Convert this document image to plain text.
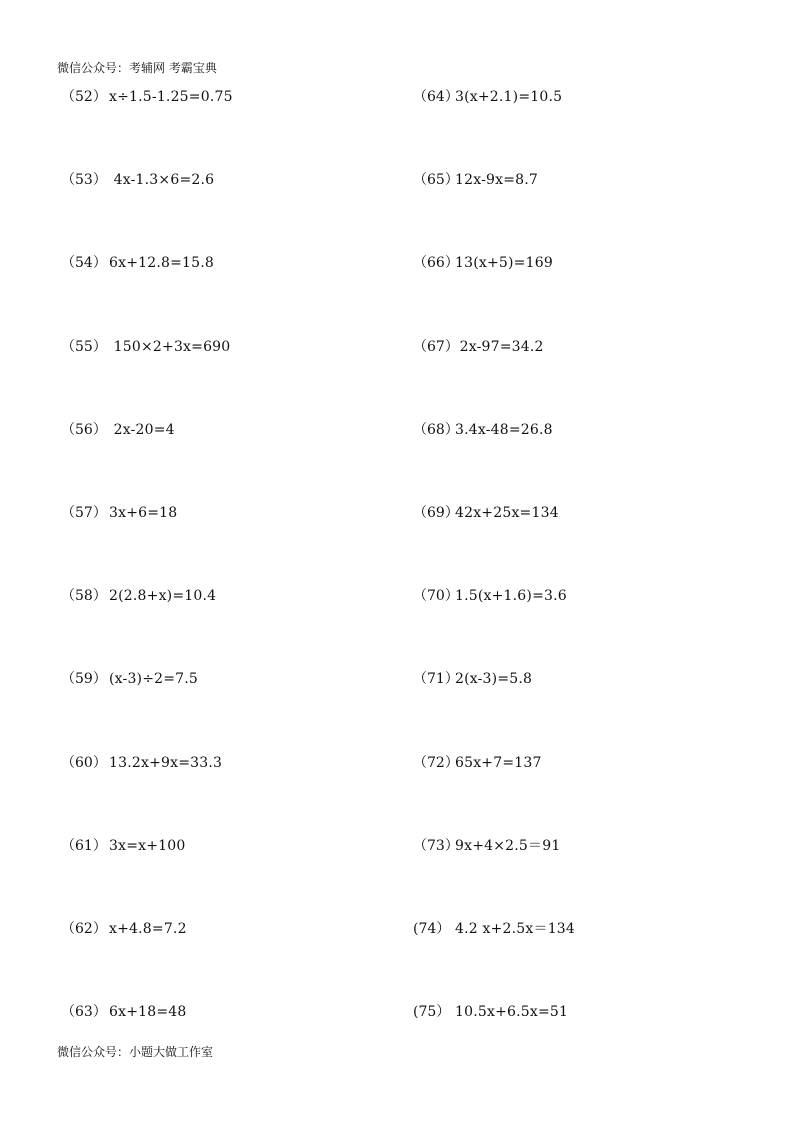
微信公众号：考辅网 考霸宝典
（52） x÷1.5-1.25=0.75
（53） 4x-1.3×6=2.6
（54） 6x+12.8=15.8
（55） 150×2+3x=690
（56） 2x-20=4
（57） 3x+6=18
（58） 2(2.8+x)=10.4
（59） (x-3)÷2=7.5
（60） 13.2x+9x=33.3
（61） 3x=x+100
（62） x+4.8=7.2
（63） 6x+18=48
（64）
3(x+2.1)=10.5
（65）
12x-9x=8.7
（66）
13(x+5)=169
（67）
2x-97=34.2
（68）
3.4x-48=26.8
（69）
42x+25x=134
（70）
1.5(x+1.6)=3.6
（71）
2(x-3)=5.8
（72）
65x+7=137
（73）
9x+4×2.5＝91
(74） 4.2 x+2.5x＝134
(75） 10.5x+6.5x=51
微信公众号：小题大做工作室
